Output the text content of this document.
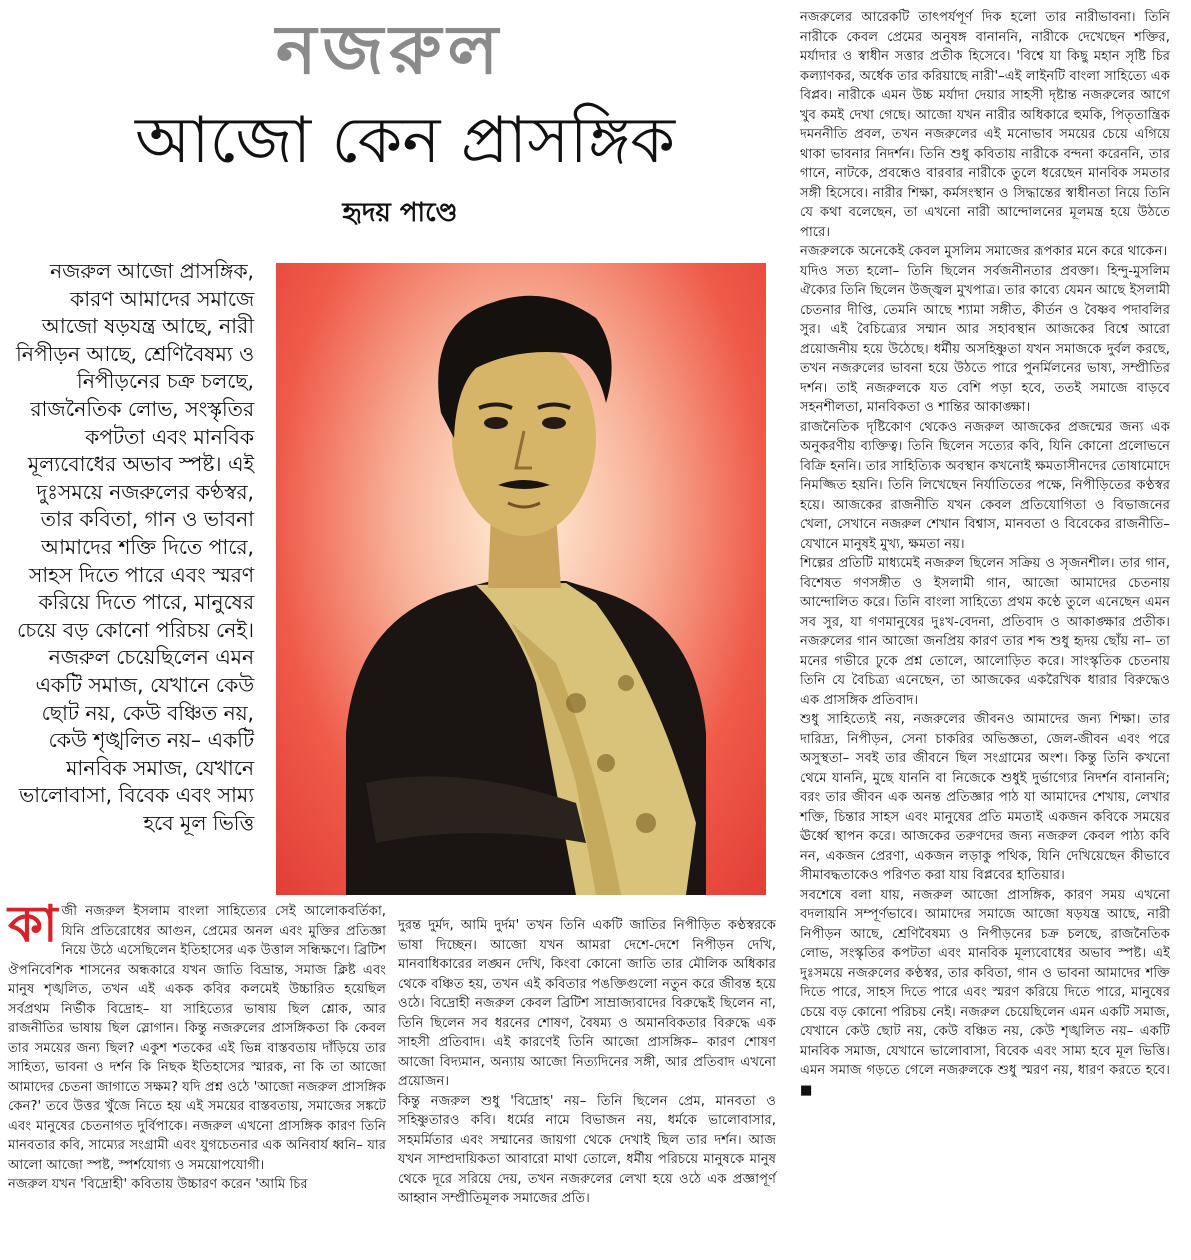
নজরুল
আজো কেন প্রাসঙ্গিক
হৃদয় পাণ্ডে
নজরুল আজো প্রাসঙ্গিক, কারণ আমাদের সমাজে আজো ষড়যন্ত্র আছে, নারী নিপীড়ন আছে, শ্রেণিবৈষম্য ও নিপীড়নের চক্র চলছে, রাজনৈতিক লোভ, সংস্কৃতির কপটতা এবং মানবিক মূল্যবোধের অভাব স্পষ্ট। এই দুঃসময়ে নজরুলের কণ্ঠস্বর, তার কবিতা, গান ও ভাবনা আমাদের শক্তি দিতে পারে, সাহস দিতে পারে এবং স্মরণ করিয়ে দিতে পারে, মানুষের চেয়ে বড় কোনো পরিচয় নেই। নজরুল চেয়েছিলেন এমন একটি সমাজ, যেখানে কেউ ছোট নয়, কেউ বঞ্চিত নয়, কেউ শৃঙ্খলিত নয়– একটি মানবিক সমাজ, যেখানে ভালোবাসা, বিবেক এবং সাম্য হবে মূল ভিত্তি

কাজী নজরুল ইসলাম বাংলা সাহিত্যের সেই আলোকবর্তিকা, যিনি প্রতিরোধের আগুন, প্রেমের অনল এবং মুক্তির প্রতিজ্ঞা নিয়ে উঠে এসেছিলেন ইতিহাসের এক উত্তাল সন্ধিক্ষণে। ব্রিটিশ ঔপনিবেশিক শাসনের অন্ধকারে যখন জাতি বিভ্রান্ত, সমাজ ক্লিষ্ট এবং মানুষ শৃঙ্খলিত, তখন এই একক কবির কলমেই উচ্চারিত হয়েছিল সর্বপ্রথম নির্ভীক বিদ্রোহ– যা সাহিত্যের ভাষায় ছিল শ্লোক, আর রাজনীতির ভাষায় ছিল স্লোগান। কিন্তু নজরুলের প্রাসঙ্গিকতা কি কেবল তার সময়ের জন্য ছিল? একুশ শতকের এই ভিন্ন বাস্তবতায় দাঁড়িয়ে তার সাহিত্য, ভাবনা ও দর্শন কি নিছক ইতিহাসের স্মারক, না কি তা আজো আমাদের চেতনা জাগাতে সক্ষম? যদি প্রশ্ন ওঠে 'আজো নজরুল প্রাসঙ্গিক কেন?' তবে উত্তর খুঁজে নিতে হয় এই সময়ের বাস্তবতায়, সমাজের সঙ্কটে এবং মানুষের চেতনাগত দুর্বিপাকে। নজরুল এখনো প্রাসঙ্গিক কারণ তিনি মানবতার কবি, সাম্যের সংগ্রামী এবং যুগচেতনার এক অনিবার্য ধ্বনি– যার আলো আজো স্পষ্ট, স্পর্শযোগ্য ও সময়োপযোগী।

নজরুল যখন 'বিদ্রোহী' কবিতায় উচ্চারণ করেন 'আমি চির

দুরন্ত দুর্মদ, আমি দুর্দম' তখন তিনি একটি জাতির নিপীড়িত কণ্ঠস্বরকে ভাষা দিচ্ছেন। আজো যখন আমরা দেশে-দেশে নিপীড়ন দেখি, মানবাধিকারের লঙ্ঘন দেখি, কিংবা কোনো জাতি তার মৌলিক অধিকার থেকে বঞ্চিত হয়, তখন এই কবিতার পঙক্তিগুলো নতুন করে জীবন্ত হয়ে ওঠে। বিদ্রোহী নজরুল কেবল ব্রিটিশ সাম্রাজ্যবাদের বিরুদ্ধেই ছিলেন না, তিনি ছিলেন সব ধরনের শোষণ, বৈষম্য ও অমানবিকতার বিরুদ্ধে এক সাহসী প্রতিবাদ। এই কারণেই তিনি আজো প্রাসঙ্গিক– কারণ শোষণ আজো বিদ্যমান, অন্যায় আজো নিত্যদিনের সঙ্গী, আর প্রতিবাদ এখনো প্রয়োজন।

কিন্তু নজরুল শুধু 'বিদ্রোহ' নয়– তিনি ছিলেন প্রেম, মানবতা ও সহিষ্ণুতারও কবি। ধর্মের নামে বিভাজন নয়, ধর্মকে ভালোবাসার, সহমর্মিতার এবং সম্মানের জায়গা থেকে দেখাই ছিল তার দর্শন। আজ যখন সাম্প্রদায়িকতা আবারো মাথা তোলে, ধর্মীয় পরিচয়ে মানুষকে মানুষ থেকে দূরে সরিয়ে দেয়, তখন নজরুলের লেখা হয়ে ওঠে এক প্রজ্ঞাপূর্ণ আহ্বান সম্প্রীতিমূলক সমাজের প্রতি।

নজরুলের আরেকটি তাৎপর্যপূর্ণ দিক হলো তার নারীভাবনা। তিনি নারীকে কেবল প্রেমের অনুষঙ্গ বানাননি, নারীকে দেখেছেন শক্তির, মর্যাদার ও স্বাধীন সত্তার প্রতীক হিসেবে। 'বিশ্বে যা কিছু মহান সৃষ্টি চির কল্যাণকর, অর্ধেক তার করিয়াছে নারী'–এই লাইনটি বাংলা সাহিত্যে এক বিপ্লব। নারীকে এমন উচ্চ মর্যাদা দেয়ার সাহসী দৃষ্টান্ত নজরুলের আগে খুব কমই দেখা গেছে। আজো যখন নারীর অধিকারে হুমকি, পিতৃতান্ত্রিক দমননীতি প্রবল, তখন নজরুলের এই মনোভাব সময়ের চেয়ে এগিয়ে থাকা ভাবনার নিদর্শন। তিনি শুধু কবিতায় নারীকে বন্দনা করেননি, তার গানে, নাটকে, প্রবন্ধেও বারবার নারীকে তুলে ধরেছেন মানবিক সমতার সঙ্গী হিসেবে। নারীর শিক্ষা, কর্মসংস্থান ও সিদ্ধান্তের স্বাধীনতা নিয়ে তিনি যে কথা বলেছেন, তা এখনো নারী আন্দোলনের মূলমন্ত্র হয়ে উঠতে পারে।

নজরুলকে অনেকেই কেবল মুসলিম সমাজের রূপকার মনে করে থাকেন।

যদিও সত্য হলো– তিনি ছিলেন সর্বজনীনতার প্রবক্তা। হিন্দু-মুসলিম ঐক্যের তিনি ছিলেন উজ্জ্বল মুখপাত্র। তার কাব্যে যেমন আছে ইসলামী চেতনার দীপ্তি, তেমনি আছে শ্যামা সঙ্গীত, কীর্তন ও বৈষ্ণব পদাবলির সুর। এই বৈচিত্র্যের সম্মান আর সহাবস্থান আজকের বিশ্বে আরো প্রয়োজনীয় হয়ে উঠেছে। ধর্মীয় অসহিষ্ণুতা যখন সমাজকে দুর্বল করছে, তখন নজরুলের ভাবনা হয়ে উঠতে পারে পুনর্মিলনের ভাষ্য, সম্প্রীতির দর্শন। তাই নজরুলকে যত বেশি পড়া হবে, ততই সমাজে বাড়বে সহনশীলতা, মানবিকতা ও শান্তির আকাঙ্ক্ষা।

রাজনৈতিক দৃষ্টিকোণ থেকেও নজরুল আজকের প্রজন্মের জন্য এক অনুকরণীয় ব্যক্তিত্ব। তিনি ছিলেন সত্যের কবি, যিনি কোনো প্রলোভনে বিক্রি হননি। তার সাহিত্যিক অবস্থান কখনোই ক্ষমতাসীনদের তোষামোদে নিমজ্জিত হয়নি। তিনি লিখেছেন নির্যাতিতের পক্ষে, নিপীড়িতের কণ্ঠস্বর হয়ে। আজকের রাজনীতি যখন কেবল প্রতিযোগিতা ও বিভাজনের খেলা, সেখানে নজরুল শেখান বিশ্বাস, মানবতা ও বিবেকের রাজনীতি– যেখানে মানুষই মুখ্য, ক্ষমতা নয়।

শিল্পের প্রতিটি মাধ্যমেই নজরুল ছিলেন সক্রিয় ও সৃজনশীল। তার গান, বিশেষত গণসঙ্গীত ও ইসলামী গান, আজো আমাদের চেতনায় আন্দোলিত করে। তিনি বাংলা সাহিত্যে প্রথম কণ্ঠে তুলে এনেছেন এমন সব সুর, যা গণমানুষের দুঃখ-বেদনা, প্রতিবাদ ও আকাঙ্ক্ষার প্রতীক। নজরুলের গান আজো জনপ্রিয় কারণ তার শব্দ শুধু হৃদয় ছোঁয় না– তা মনের গভীরে ঢুকে প্রশ্ন তোলে, আলোড়িত করে। সাংস্কৃতিক চেতনায় তিনি যে বৈচিত্র্য এনেছেন, তা আজকের একরৈখিক ধারার বিরুদ্ধেও এক প্রাসঙ্গিক প্রতিবাদ।

শুধু সাহিত্যেই নয়, নজরুলের জীবনও আমাদের জন্য শিক্ষা। তার দারিদ্র্য, নিপীড়ন, সেনা চাকরির অভিজ্ঞতা, জেল-জীবন এবং পরে অসুস্থতা– সবই তার জীবনে ছিল সংগ্রামের অংশ। কিন্তু তিনি কখনো থেমে যাননি, মুছে যাননি বা নিজেকে শুধুই দুর্ভাগ্যের নিদর্শন বানাননি; বরং তার জীবন এক অনন্ত প্রতিজ্ঞার পাঠ যা আমাদের শেখায়, লেখার শক্তি, চিন্তার সাহস এবং মানুষের প্রতি মমতাই একজন কবিকে সময়ের ঊর্ধ্বে স্থাপন করে। আজকের তরুণদের জন্য নজরুল কেবল পাঠ্য কবি নন, একজন প্রেরণা, একজন লড়াকু পথিক, যিনি দেখিয়েছেন কীভাবে সীমাবদ্ধতাকেও পরিণত করা যায় বিপ্লবের হাতিয়ার।

সবশেষে বলা যায়, নজরুল আজো প্রাসঙ্গিক, কারণ সময় এখনো বদলায়নি সম্পূর্ণভাবে। আমাদের সমাজে আজো ষড়যন্ত্র আছে, নারী নিপীড়ন আছে, শ্রেণিবৈষম্য ও নিপীড়নের চক্র চলছে, রাজনৈতিক লোভ, সংস্কৃতির কপটতা এবং মানবিক মূল্যবোধের অভাব স্পষ্ট। এই দুঃসময়ে নজরুলের কণ্ঠস্বর, তার কবিতা, গান ও ভাবনা আমাদের শক্তি দিতে পারে, সাহস দিতে পারে এবং স্মরণ করিয়ে দিতে পারে, মানুষের চেয়ে বড় কোনো পরিচয় নেই। নজরুল চেয়েছিলেন এমন একটি সমাজ, যেখানে কেউ ছোট নয়, কেউ বঞ্চিত নয়, কেউ শৃঙ্খলিত নয়– একটি মানবিক সমাজ, যেখানে ভালোবাসা, বিবেক এবং সাম্য হবে মূল ভিত্তি। এমন সমাজ গড়তে গেলে নজরুলকে শুধু স্মরণ নয়, ধারণ করতে হবে। ■
